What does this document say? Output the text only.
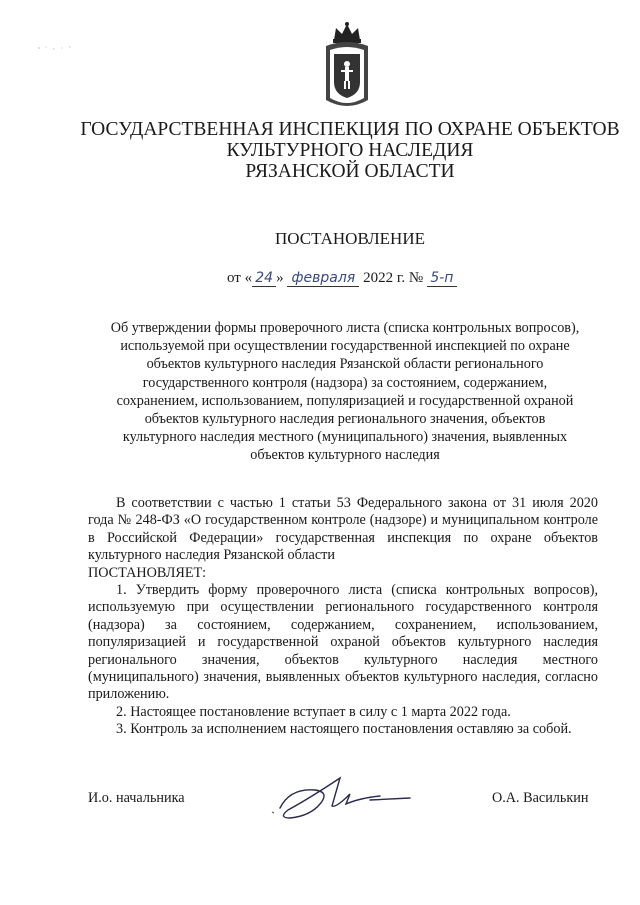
ГОСУДАРСТВЕННАЯ ИНСПЕКЦИЯ ПО ОХРАНЕ ОБЪЕКТОВ
КУЛЬТУРНОГО НАСЛЕДИЯ
РЯЗАНСКОЙ ОБЛАСТИ
ПОСТАНОВЛЕНИЕ
от « 24 » февраля 2022 г. № 5-п
Об утверждении формы проверочного листа (списка контрольных вопросов), используемой при осуществлении государственной инспекцией по охране объектов культурного наследия Рязанской области регионального государственного контроля (надзора) за состоянием, содержанием, сохранением, использованием, популяризацией и государственной охраной объектов культурного наследия регионального значения, объектов культурного наследия местного (муниципального) значения, выявленных объектов культурного наследия

В соответствии с частью 1 статьи 53 Федерального закона от 31 июля 2020 года № 248-ФЗ «О государственном контроле (надзоре) и муниципальном контроле в Российской Федерации» государственная инспекция по охране объектов культурного наследия Рязанской области

ПОСТАНОВЛЯЕТ:

1. Утвердить форму проверочного листа (списка контрольных вопросов), используемую при осуществлении регионального государственного контроля (надзора) за состоянием, содержанием, сохранением, использованием, популяризацией и государственной охраной объектов культурного наследия регионального значения, объектов культурного наследия местного (муниципального) значения, выявленных объектов культурного наследия, согласно приложению.

2. Настоящее постановление вступает в силу с 1 марта 2022 года.

3. Контроль за исполнением настоящего постановления оставляю за собой.

И.о. начальника	О.А. Василькин
